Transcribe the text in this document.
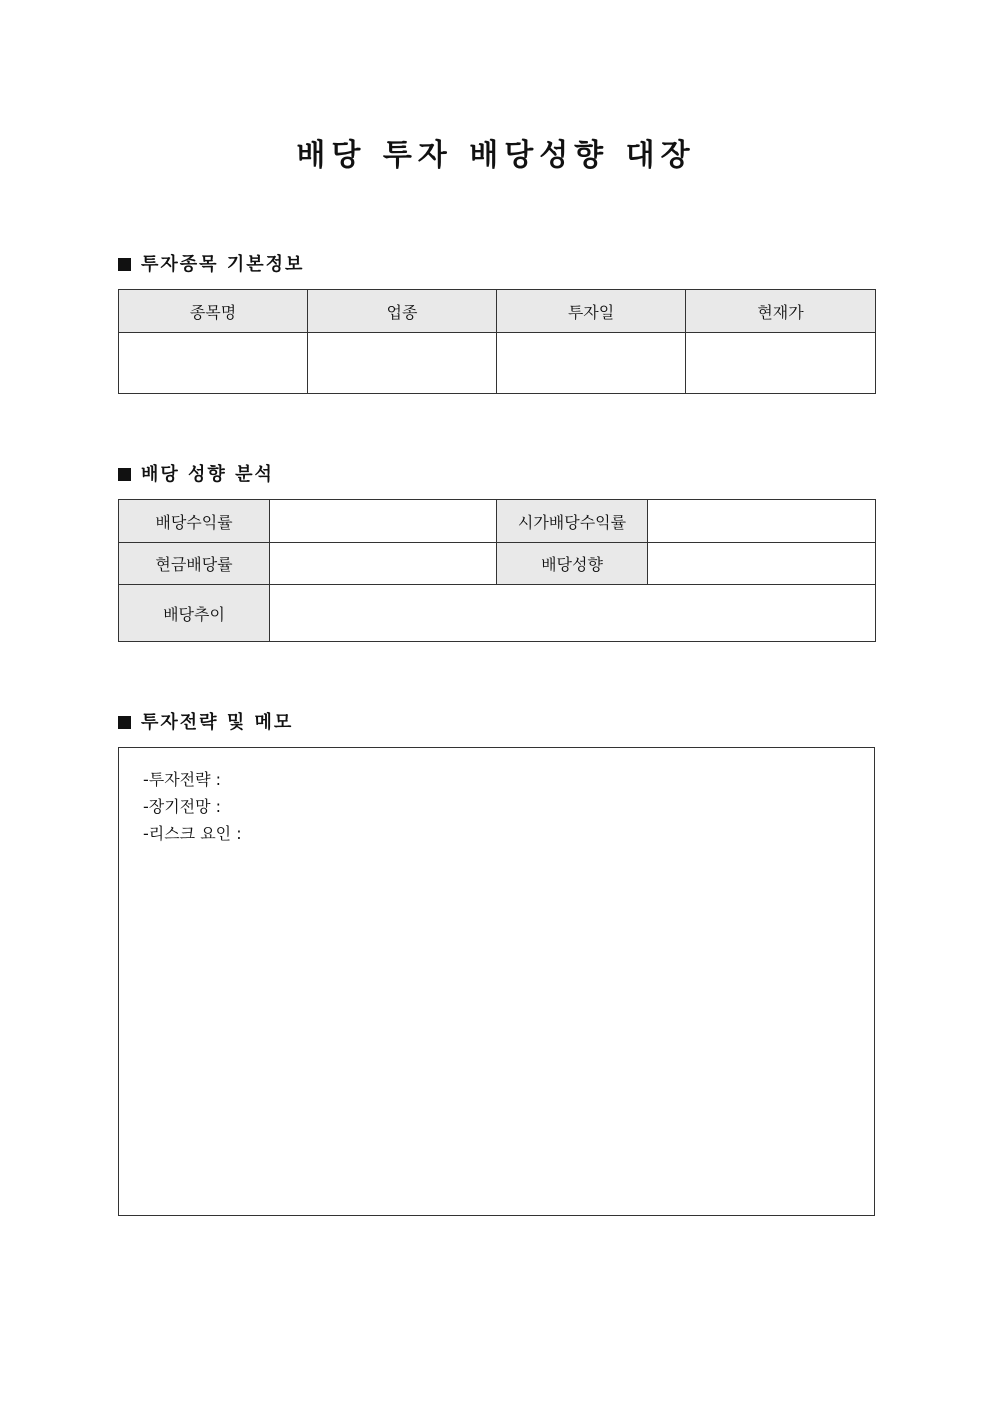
배당 투자 배당성향 대장
투자종목 기본정보
종목명	업종	투자일	현재가

배당 성향 분석
배당수익률		시가배당수익률	
현금배당률		배당성향	
배당추이			
투자전략 및 메모
-투자전략 :
-장기전망 :
-리스크 요인 :
